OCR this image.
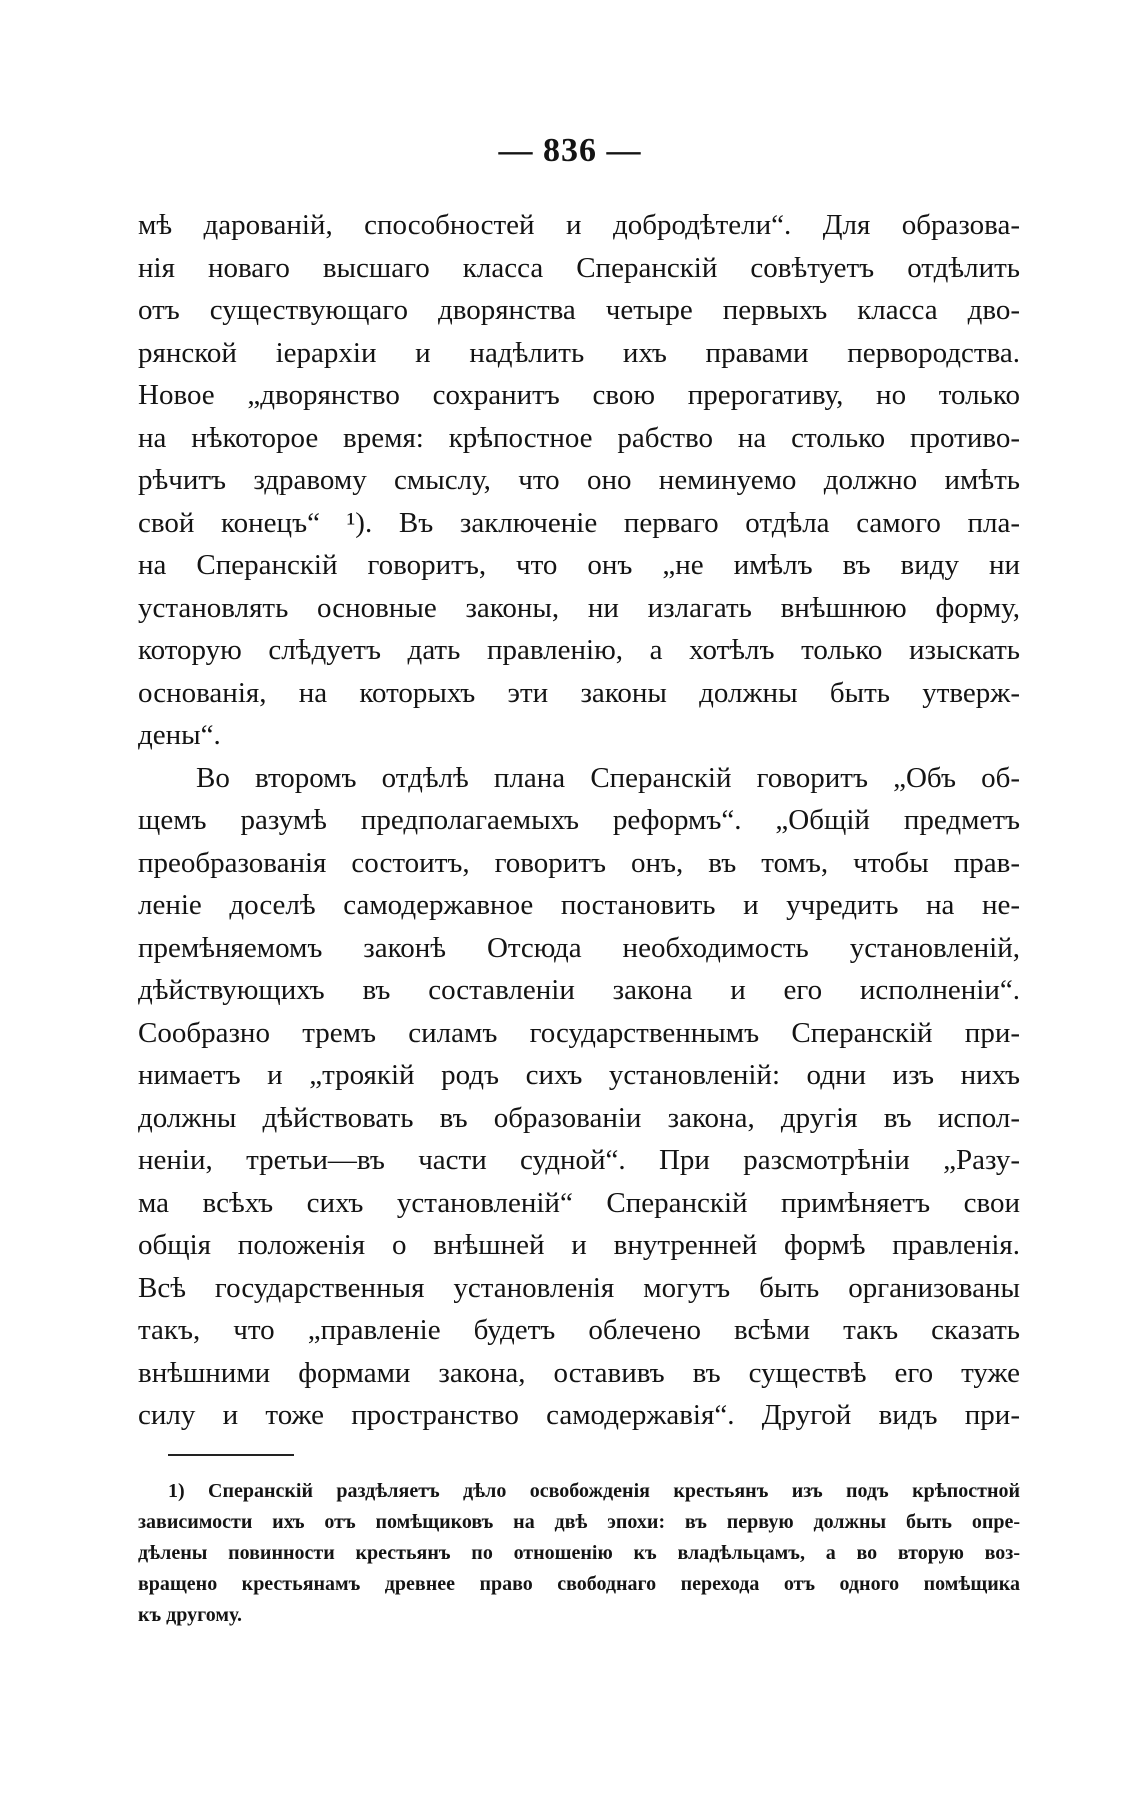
— 836 —
мѣ дарованій, способностей и добродѣтели“. Для образова-
нія новаго высшаго класса Сперанскій совѣтуетъ отдѣлить
отъ существующаго дворянства четыре первыхъ класса дво-
рянской іерархіи и надѣлить ихъ правами первородства.
Новое „дворянство сохранитъ свою прерогативу, но только
на нѣкоторое время: крѣпостное рабство на столько противо-
рѣчитъ здравому смыслу, что оно неминуемо должно имѣть
свой конецъ“ ¹). Въ заключеніе перваго отдѣла самого пла-
на Сперанскій говоритъ, что онъ „не имѣлъ въ виду ни
установлять основные законы, ни излагать внѣшнюю форму,
которую слѣдуетъ дать правленію, а хотѣлъ только изыскать
основанія, на которыхъ эти законы должны быть утверж-
дены“.
Во второмъ отдѣлѣ плана Сперанскій говоритъ „Объ об-
щемъ разумѣ предполагаемыхъ реформъ“. „Общій предметъ
преобразованія состоитъ, говоритъ онъ, въ томъ, чтобы прав-
леніе доселѣ самодержавное постановить и учредить на не-
премѣняемомъ законѣ Отсюда необходимость установленій,
дѣйствующихъ въ составленіи закона и его исполненіи“.
Сообразно тремъ силамъ государственнымъ Сперанскій при-
нимаетъ и „троякій родъ сихъ установленій: одни изъ нихъ
должны дѣйствовать въ образованіи закона, другія въ испол-
неніи, третьи—въ части судной“. При разсмотрѣніи „Разу-
ма всѣхъ сихъ установленій“ Сперанскій примѣняетъ свои
общія положенія о внѣшней и внутренней формѣ правленія.
Всѣ государственныя установленія могутъ быть организованы
такъ, что „правленіе будетъ облечено всѣми такъ сказать
внѣшними формами закона, оставивъ въ существѣ его туже
силу и тоже пространство самодержавія“. Другой видъ при-
1) Сперанскій раздѣляетъ дѣло освобожденія крестьянъ изъ подъ крѣпостной
зависимости ихъ отъ помѣщиковъ на двѣ эпохи: въ первую должны быть опре-
дѣлены повинности крестьянъ по отношенію къ владѣльцамъ, а во вторую воз-
вращено крестьянамъ древнее право свободнаго перехода отъ одного помѣщика
къ другому.
